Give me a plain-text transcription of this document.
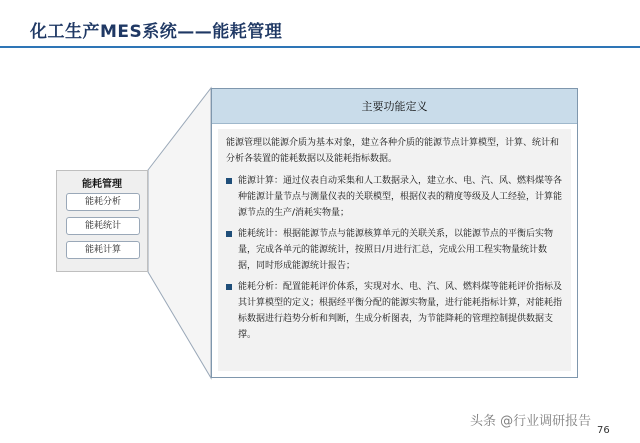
化工生产MES系统——能耗管理
能耗管理
能耗分析
能耗统计
能耗计算
主要功能定义
能源管理以能源介质为基本对象，建立各种介质的能源节点计算模型，计算、统计和分析各装置的能耗数据以及能耗指标数据。
能源计算：通过仪表自动采集和人工数据录入，建立水、电、汽、风、燃料煤等各种能源计量节点与测量仪表的关联模型，根据仪表的精度等级及人工经验，计算能源节点的生产/消耗实物量；
能耗统计：根据能源节点与能源核算单元的关联关系，以能源节点的平衡后实物量，完成各单元的能源统计，按照日/月进行汇总，完成公用工程实物量统计数据，同时形成能源统计报告；
能耗分析：配置能耗评价体系，实现对水、电、汽、风、燃料煤等能耗评价指标及其计算模型的定义；根据经平衡分配的能源实物量，进行能耗指标计算，对能耗指标数据进行趋势分析和判断，生成分析图表，为节能降耗的管理控制提供数据支撑。
头条 @行业调研报告
76
